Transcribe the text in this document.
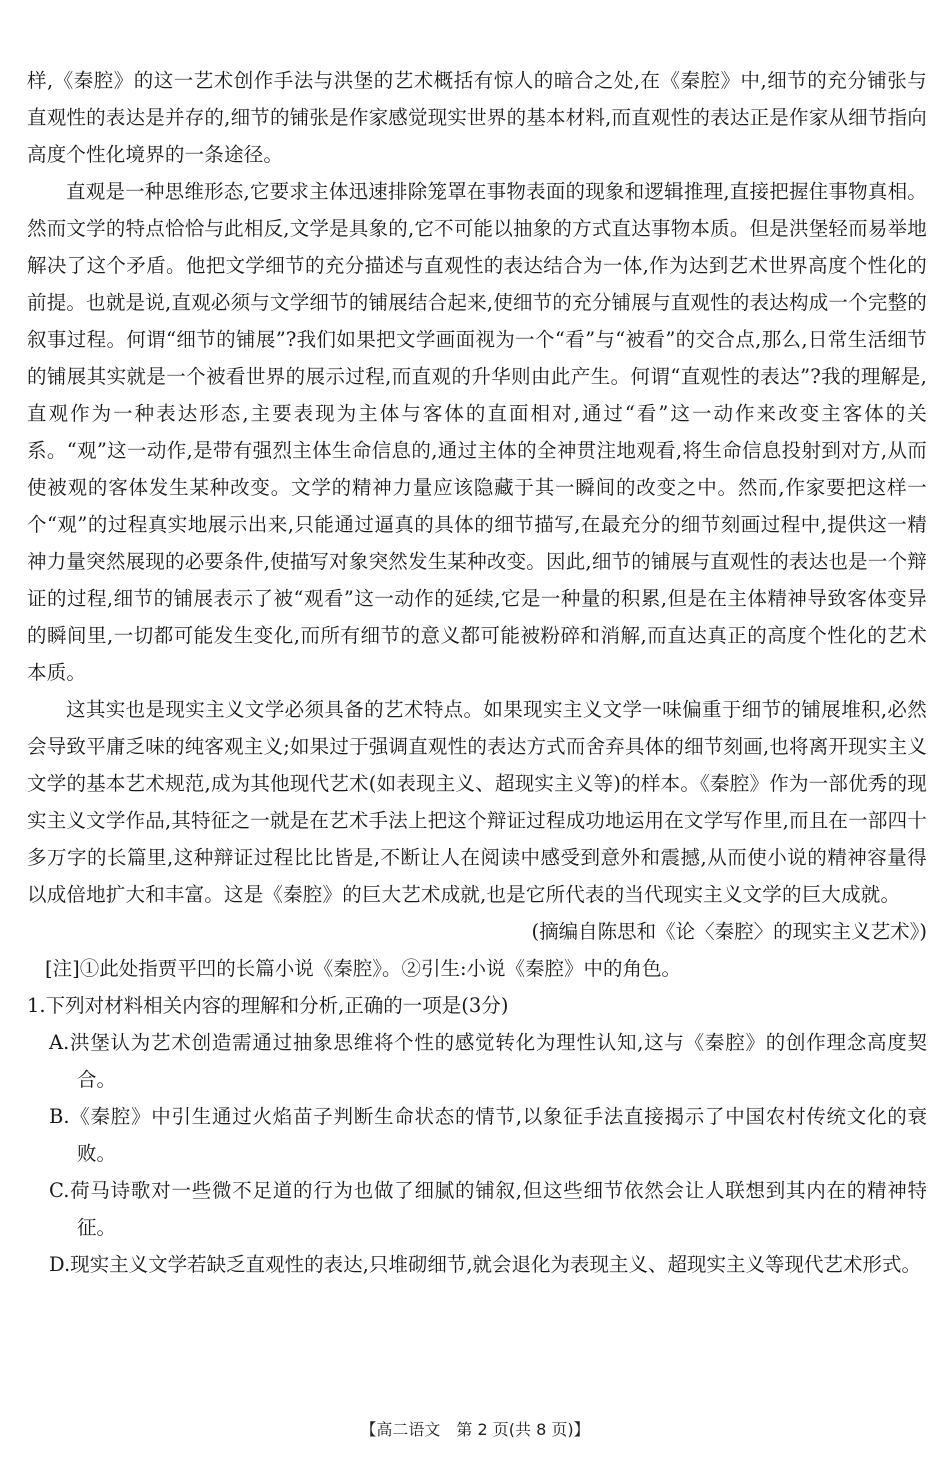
样,《秦腔》的这一艺术创作手法与洪堡的艺术概括有惊人的暗合之处,在《秦腔》中,细节的充分铺张与直观性的表达是并存的,细节的铺张是作家感觉现实世界的基本材料,而直观性的表达正是作家从细节指向高度个性化境界的一条途径。

直观是一种思维形态,它要求主体迅速排除笼罩在事物表面的现象和逻辑推理,直接把握住事物真相。然而文学的特点恰恰与此相反,文学是具象的,它不可能以抽象的方式直达事物本质。但是洪堡轻而易举地解决了这个矛盾。他把文学细节的充分描述与直观性的表达结合为一体,作为达到艺术世界高度个性化的前提。也就是说,直观必须与文学细节的铺展结合起来,使细节的充分铺展与直观性的表达构成一个完整的叙事过程。何谓“细节的铺展”?我们如果把文学画面视为一个“看”与“被看”的交合点,那么,日常生活细节的铺展其实就是一个被看世界的展示过程,而直观的升华则由此产生。何谓“直观性的表达”?我的理解是,直观作为一种表达形态,主要表现为主体与客体的直面相对,通过“看”这一动作来改变主客体的关系。“观”这一动作,是带有强烈主体生命信息的,通过主体的全神贯注地观看,将生命信息投射到对方,从而使被观的客体发生某种改变。文学的精神力量应该隐藏于其一瞬间的改变之中。然而,作家要把这样一个“观”的过程真实地展示出来,只能通过逼真的具体的细节描写,在最充分的细节刻画过程中,提供这一精神力量突然展现的必要条件,使描写对象突然发生某种改变。因此,细节的铺展与直观性的表达也是一个辩证的过程,细节的铺展表示了被“观看”这一动作的延续,它是一种量的积累,但是在主体精神导致客体变异的瞬间里,一切都可能发生变化,而所有细节的意义都可能被粉碎和消解,而直达真正的高度个性化的艺术本质。

这其实也是现实主义文学必须具备的艺术特点。如果现实主义文学一味偏重于细节的铺展堆积,必然会导致平庸乏味的纯客观主义;如果过于强调直观性的表达方式而舍弃具体的细节刻画,也将离开现实主义文学的基本艺术规范,成为其他现代艺术(如表现主义、超现实主义等)的样本。《秦腔》作为一部优秀的现实主义文学作品,其特征之一就是在艺术手法上把这个辩证过程成功地运用在文学写作里,而且在一部四十多万字的长篇里,这种辩证过程比比皆是,不断让人在阅读中感受到意外和震撼,从而使小说的精神容量得以成倍地扩大和丰富。这是《秦腔》的巨大艺术成就,也是它所代表的当代现实主义文学的巨大成就。

(摘编自陈思和《论〈秦腔〉的现实主义艺术》)

[注]①此处指贾平凹的长篇小说《秦腔》。②引生:小说《秦腔》中的角色。

1.下列对材料相关内容的理解和分析,正确的一项是(3分)

A.洪堡认为艺术创造需通过抽象思维将个性的感觉转化为理性认知,这与《秦腔》的创作理念高度契合。
B.《秦腔》中引生通过火焰苗子判断生命状态的情节,以象征手法直接揭示了中国农村传统文化的衰败。
C.荷马诗歌对一些微不足道的行为也做了细腻的铺叙,但这些细节依然会让人联想到其内在的精神特征。
D.现实主义文学若缺乏直观性的表达,只堆砌细节,就会退化为表现主义、超现实主义等现代艺术形式。
【高二语文　第 2 页(共 8 页)】
